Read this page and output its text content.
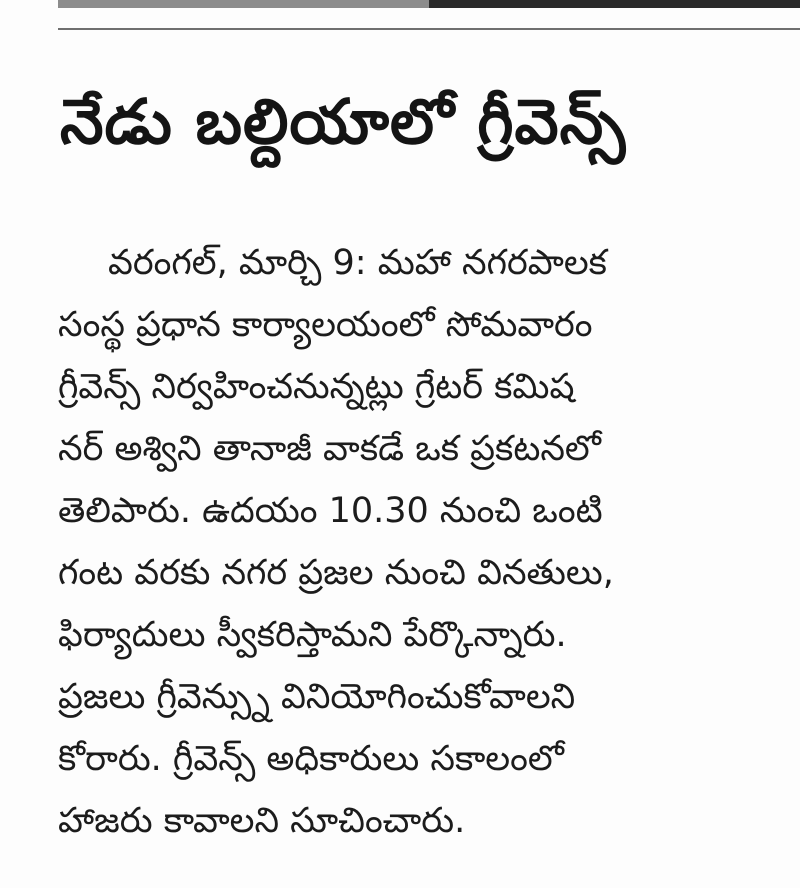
నేడు బల్దియాలో గ్రీవెన్స్
వరంగల్, మార్చి 9: మహా నగరపాలక
సంస్థ ప్రధాన కార్యాలయంలో సోమవారం
గ్రీవెన్స్ నిర్వహించనున్నట్లు గ్రేటర్ కమిష
నర్ అశ్విని తానాజీ వాకడే ఒక ప్రకటనలో
తెలిపారు. ఉదయం 10.30 నుంచి ఒంటి
గంట వరకు నగర ప్రజల నుంచి వినతులు,
ఫిర్యాదులు స్వీకరిస్తామని పేర్కొన్నారు.
ప్రజలు గ్రీవెన్స్ను వినియోగించుకోవాలని
కోరారు. గ్రీవెన్స్ అధికారులు సకాలంలో
హాజరు కావాలని సూచించారు.
